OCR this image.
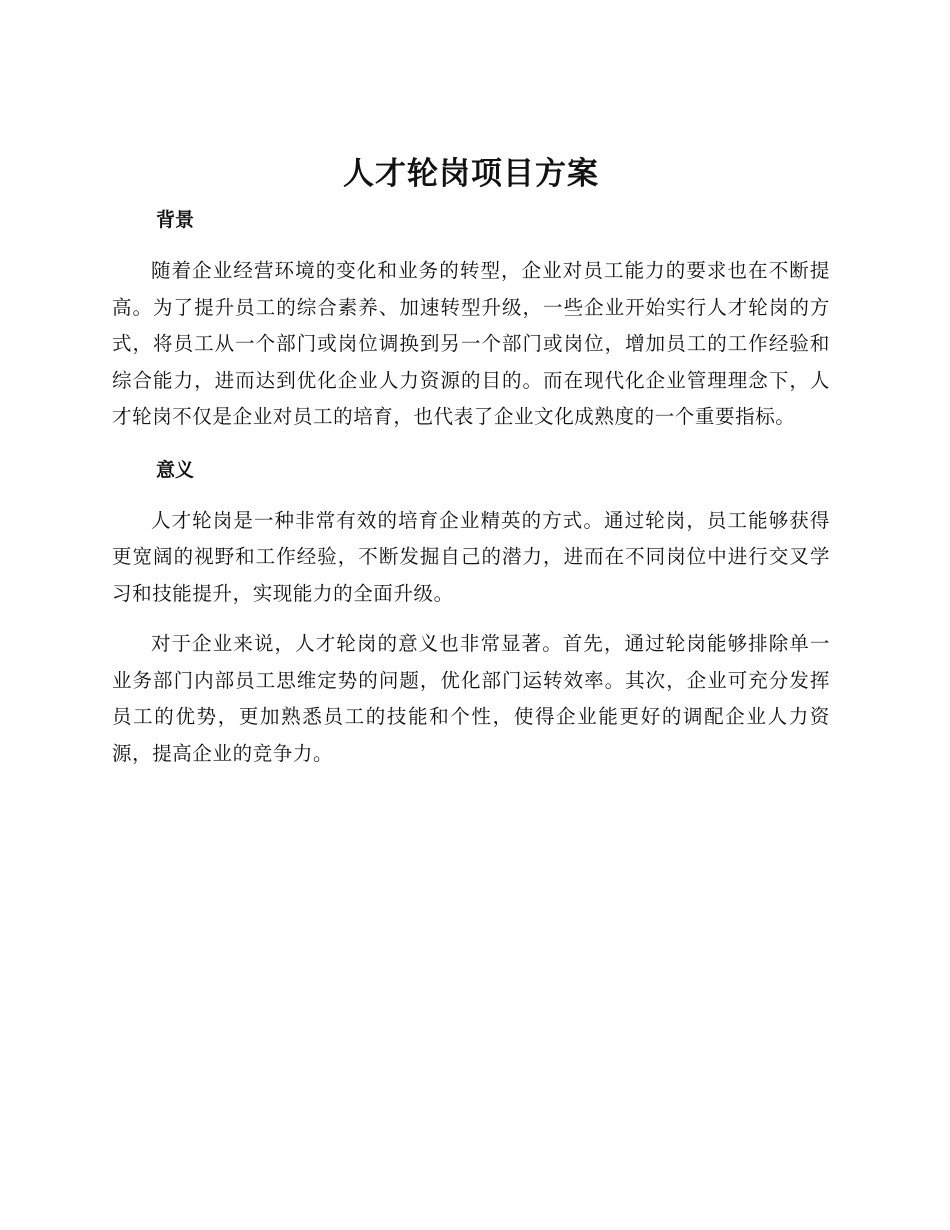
人才轮岗项目方案
背景

随着企业经营环境的变化和业务的转型，企业对员工能力的要求也在不断提高。为了提升员工的综合素养、加速转型升级，一些企业开始实行人才轮岗的方式，将员工从一个部门或岗位调换到另一个部门或岗位，增加员工的工作经验和综合能力，进而达到优化企业人力资源的目的。而在现代化企业管理理念下，人才轮岗不仅是企业对员工的培育，也代表了企业文化成熟度的一个重要指标。

意义

人才轮岗是一种非常有效的培育企业精英的方式。通过轮岗，员工能够获得更宽阔的视野和工作经验，不断发掘自己的潜力，进而在不同岗位中进行交叉学习和技能提升，实现能力的全面升级。

对于企业来说，人才轮岗的意义也非常显著。首先，通过轮岗能够排除单一业务部门内部员工思维定势的问题，优化部门运转效率。其次，企业可充分发挥员工的优势，更加熟悉员工的技能和个性，使得企业能更好的调配企业人力资源，提高企业的竞争力。
